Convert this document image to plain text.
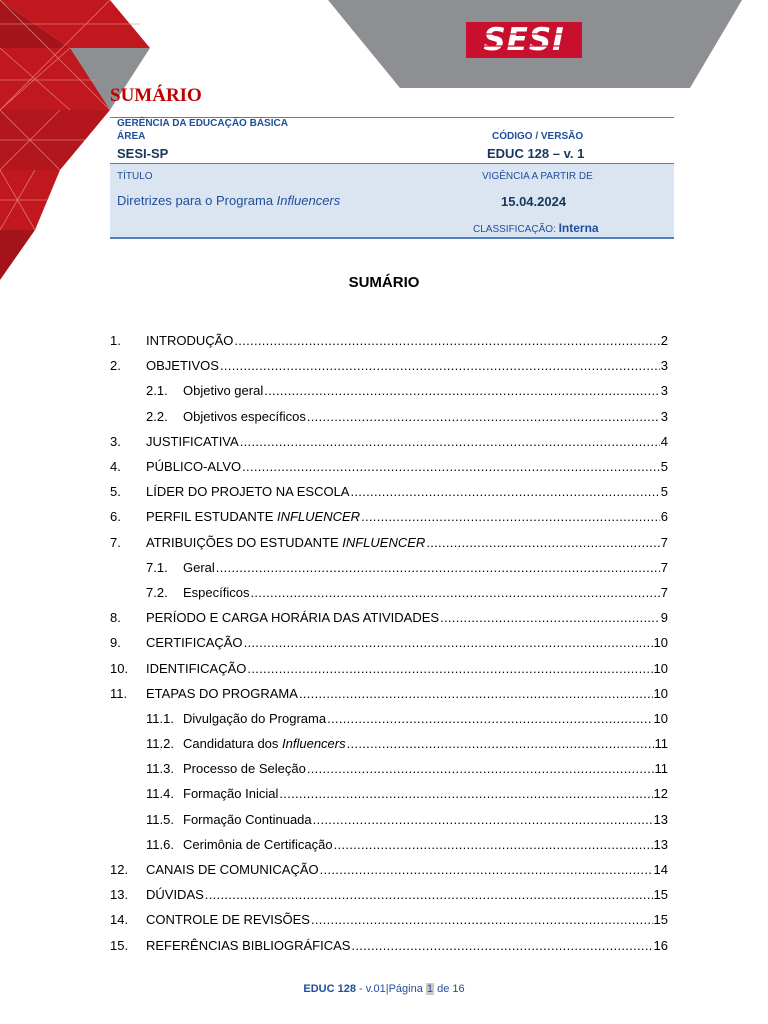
SESI
SUMÁRIO
GERÊNCIA DA EDUCAÇÃO BÁSICA
ÁREA
SESI-SP
CÓDIGO / VERSÃO
EDUC 128 – v. 1
TÍTULO
Diretrizes para o Programa Influencers
VIGÊNCIA A PARTIR DE
15.04.2024
CLASSIFICAÇÃO: Interna
SUMÁRIO
1.	INTRODUÇÃO .....	2
2.	OBJETIVOS .....	3
2.1.	Objetivo geral .....	3
2.2.	Objetivos específicos .....	3
3.	JUSTIFICATIVA .....	4
4.	PÚBLICO-ALVO .....	5
5.	LÍDER DO PROJETO NA ESCOLA .....	5
6.	PERFIL ESTUDANTE INFLUENCER .....	6
7.	ATRIBUIÇÕES DO ESTUDANTE INFLUENCER .....	7
7.1.	Geral .....	7
7.2.	Específicos .....	7
8.	PERÍODO E CARGA HORÁRIA DAS ATIVIDADES .....	9
9.	CERTIFICAÇÃO .....	10
10.	IDENTIFICAÇÃO .....	10
11.	ETAPAS DO PROGRAMA .....	10
11.1. Divulgação do Programa .....	10
11.2. Candidatura dos Influencers .....	11
11.3. Processo de Seleção .....	11
11.4. Formação Inicial .....	12
11.5. Formação Continuada .....	13
11.6. Cerimônia de Certificação .....	13
12.	CANAIS DE COMUNICAÇÃO .....	14
13.	DÚVIDAS .....	15
14.	CONTROLE DE REVISÕES .....	15
15.	REFERÊNCIAS BIBLIOGRÁFICAS .....	16
EDUC 128 - v.01|Página 1 de 16
